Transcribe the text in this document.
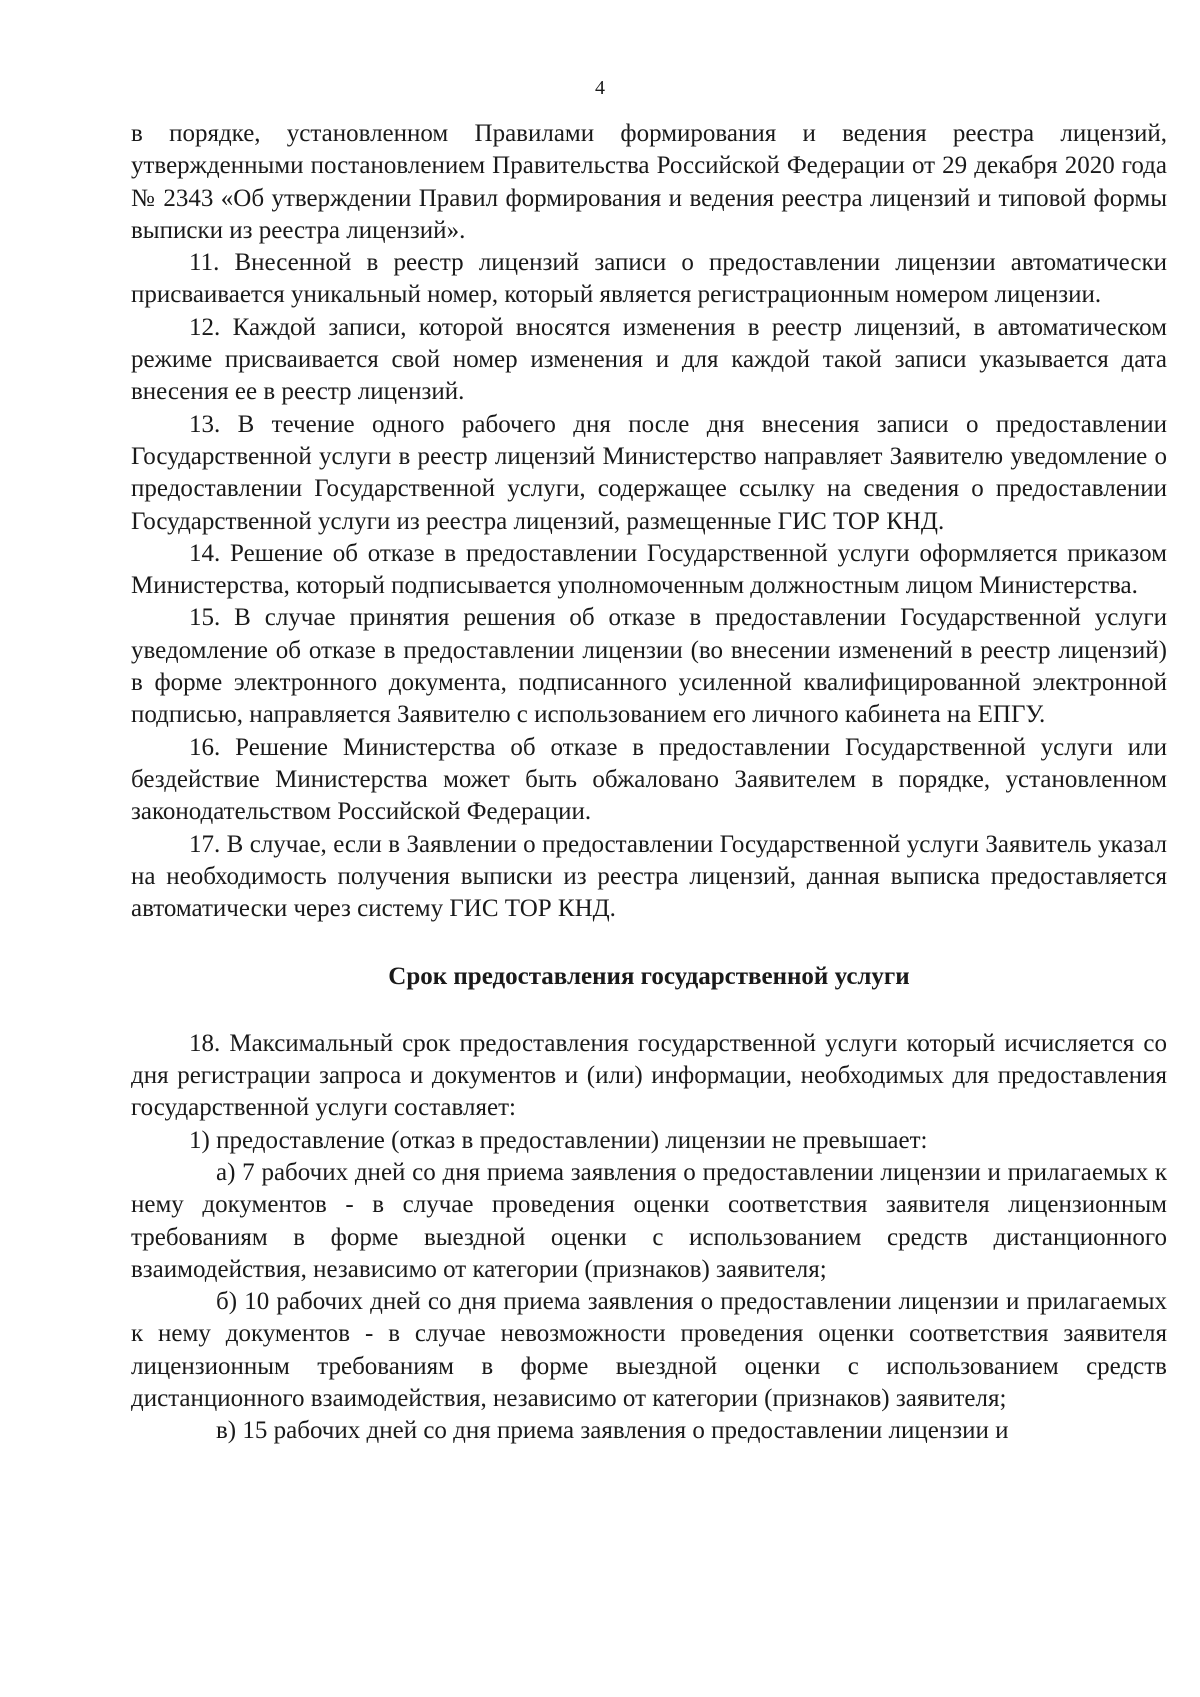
4

в порядке, установленном Правилами формирования и ведения реестра лицензий, утвержденными постановлением Правительства Российской Федерации от 29 декабря 2020 года № 2343 «Об утверждении Правил формирования и ведения реестра лицензий и типовой формы выписки из реестра лицензий».

11. Внесенной в реестр лицензий записи о предоставлении лицензии автоматически присваивается уникальный номер, который является регистрационным номером лицензии.

12. Каждой записи, которой вносятся изменения в реестр лицензий, в автоматическом режиме присваивается свой номер изменения и для каждой такой записи указывается дата внесения ее в реестр лицензий.

13. В течение одного рабочего дня после дня внесения записи о предоставлении Государственной услуги в реестр лицензий Министерство направляет Заявителю уведомление о предоставлении Государственной услуги, содержащее ссылку на сведения о предоставлении Государственной услуги из реестра лицензий, размещенные ГИС ТОР КНД.

14. Решение об отказе в предоставлении Государственной услуги оформляется приказом Министерства, который подписывается уполномоченным должностным лицом Министерства.

15. В случае принятия решения об отказе в предоставлении Государственной услуги уведомление об отказе в предоставлении лицензии (во внесении изменений в реестр лицензий) в форме электронного документа, подписанного усиленной квалифицированной электронной подписью, направляется Заявителю с использованием его личного кабинета на ЕПГУ.

16. Решение Министерства об отказе в предоставлении Государственной услуги или бездействие Министерства может быть обжаловано Заявителем в порядке, установленном законодательством Российской Федерации.

17. В случае, если в Заявлении о предоставлении Государственной услуги Заявитель указал на необходимость получения выписки из реестра лицензий, данная выписка предоставляется автоматически через систему ГИС ТОР КНД.

Срок предоставления государственной услуги

18. Максимальный срок предоставления государственной услуги который исчисляется со дня регистрации запроса и документов и (или) информации, необходимых для предоставления государственной услуги составляет:

1) предоставление (отказ в предоставлении) лицензии не превышает:

а) 7 рабочих дней со дня приема заявления о предоставлении лицензии и прилагаемых к нему документов - в случае проведения оценки соответствия заявителя лицензионным требованиям в форме выездной оценки с использованием средств дистанционного взаимодействия, независимо от категории (признаков) заявителя;

б) 10 рабочих дней со дня приема заявления о предоставлении лицензии и прилагаемых к нему документов - в случае невозможности проведения оценки соответствия заявителя лицензионным требованиям в форме выездной оценки с использованием средств дистанционного взаимодействия, независимо от категории (признаков) заявителя;

в) 15 рабочих дней со дня приема заявления о предоставлении лицензии и
